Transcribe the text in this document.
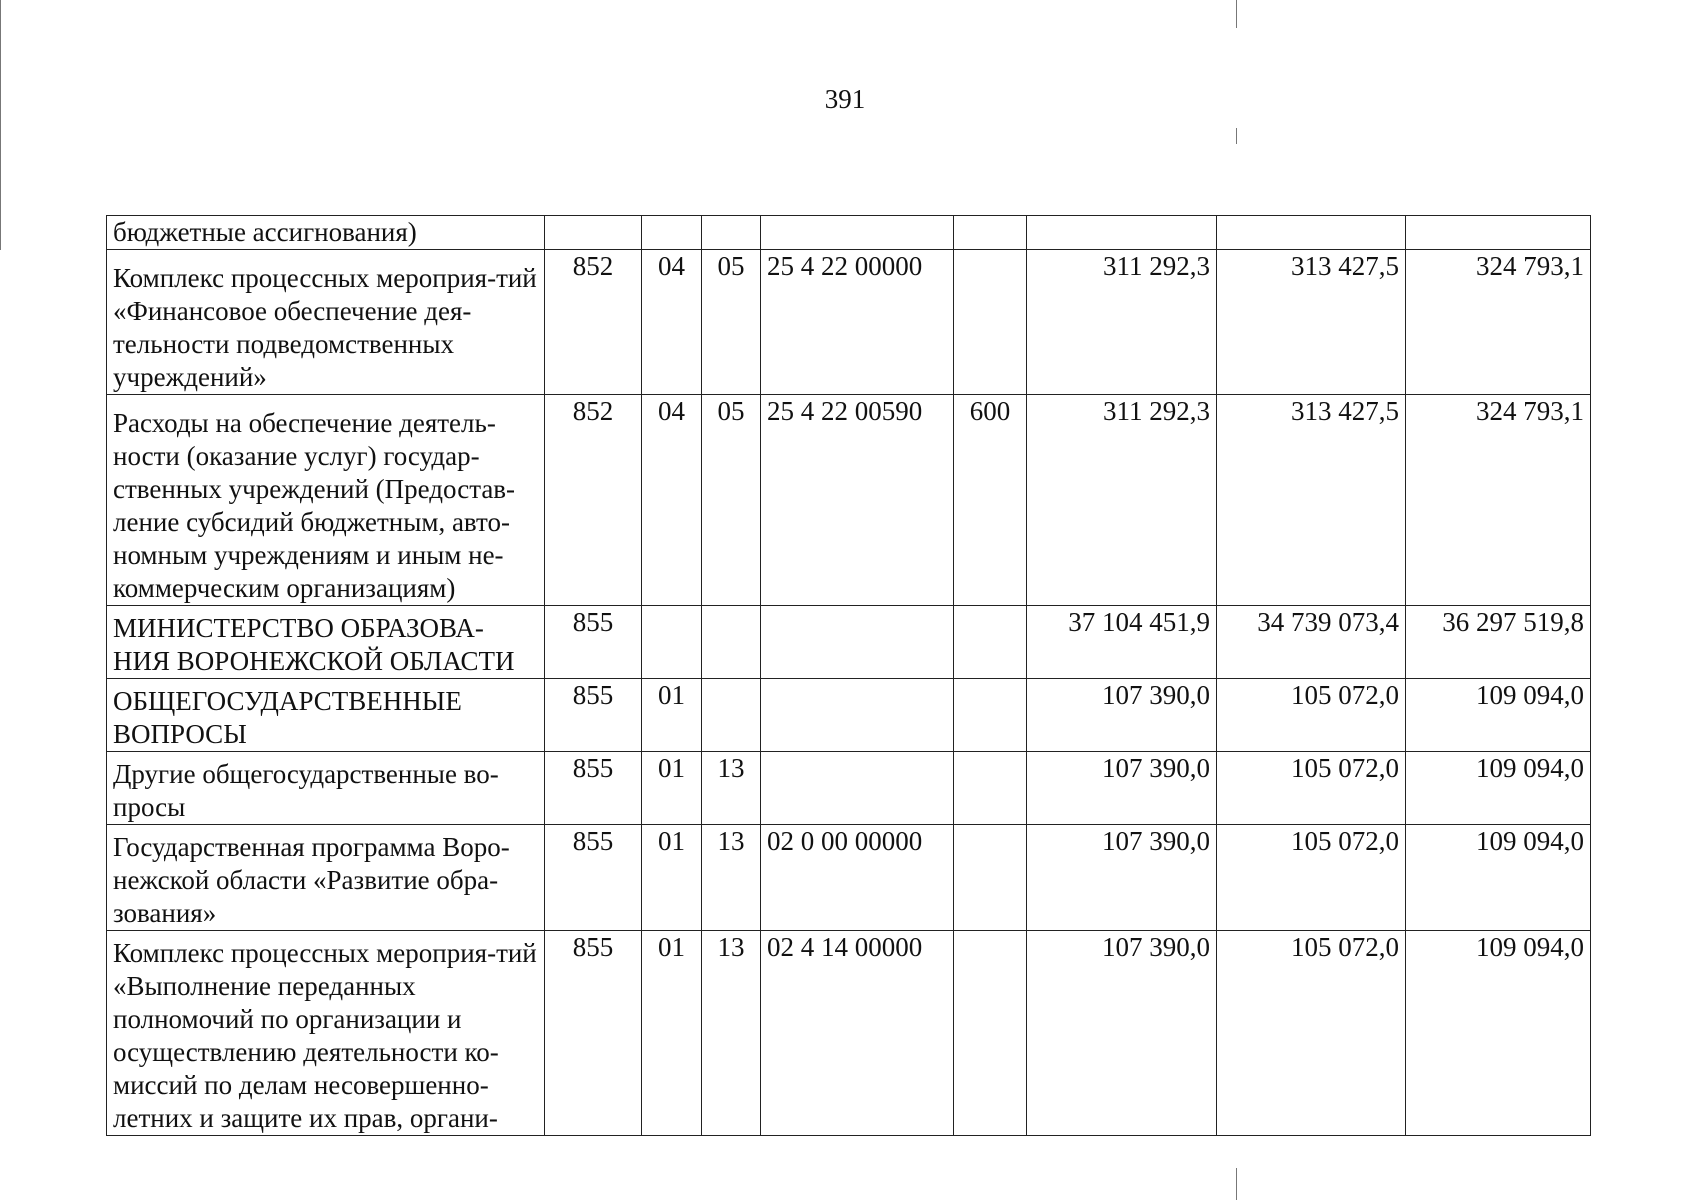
391
бюджетные ассигнования)								
Комплекс процессных мероприя-тий «Финансовое обеспечение дея-тельности подведомственных учреждений»	852	04	05	25 4 22 00000		311 292,3	313 427,5	324 793,1
Расходы на обеспечение деятель-ности (оказание услуг) государ-ственных учреждений (Предостав-ление субсидий бюджетным, авто-номным учреждениям и иным не-коммерческим организациям)	852	04	05	25 4 22 00590	600	311 292,3	313 427,5	324 793,1
МИНИСТЕРСТВО ОБРАЗОВА-НИЯ ВОРОНЕЖСКОЙ ОБЛАСТИ	855					37 104 451,9	34 739 073,4	36 297 519,8
ОБЩЕГОСУДАРСТВЕННЫЕ ВОПРОСЫ	855	01				107 390,0	105 072,0	109 094,0
Другие общегосударственные во-просы	855	01	13			107 390,0	105 072,0	109 094,0
Государственная программа Воро-нежской области «Развитие обра-зования»	855	01	13	02 0 00 00000		107 390,0	105 072,0	109 094,0
Комплекс процессных мероприя-тий «Выполнение переданных полномочий по организации и осуществлению деятельности ко-миссий по делам несовершенно-летних и защите их прав, органи-	855	01	13	02 4 14 00000		107 390,0	105 072,0	109 094,0
